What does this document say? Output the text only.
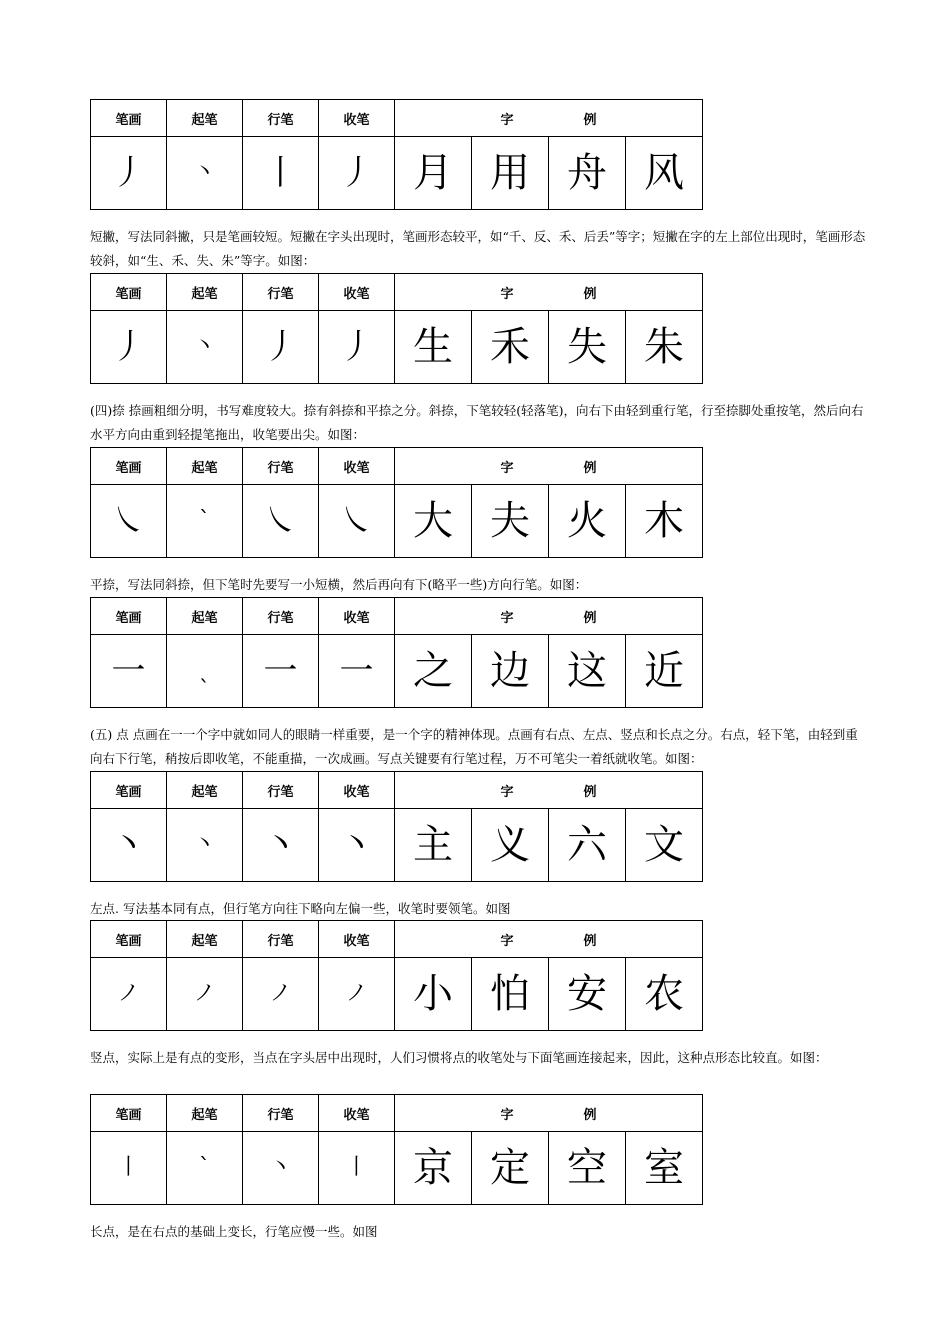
笔画	起笔	行笔	收笔	字 例			

丿	丶	丨	丿	月	用	舟	风

短撇，写法同斜撇，只是笔画较短。短撇在字头出现时，笔画形态较平，如“千、反、禾、后丢”等字；短撇在字的左上部位出现时，笔画形态较斜，如“生、禾、失、朱”等字。如图：

笔画	起笔	行笔	收笔	字 例			

丿	丶	丿	丿	生	禾	失	朱

(四)捺 捺画粗细分明，书写难度较大。捺有斜捺和平捺之分。斜捺，下笔较轻(轻落笔)，向右下由轻到重行笔，行至捺脚处重按笔，然后向右水平方向由重到轻提笔拖出，收笔要出尖。如图：

笔画	起笔	行笔	收笔	字 例			

㇏	ˋ	㇏	㇏	大	夫	火	木

平捺，写法同斜捺，但下笔时先要写一小短横，然后再向有下(略平一些)方向行笔。如图：

笔画	起笔	行笔	收笔	字 例			

一	ˎ	一	一	之	边	这	近

(五) 点 点画在一一个字中就如同人的眼睛一样重要，是一个字的精神体现。点画有右点、左点、竖点和长点之分。右点，轻下笔，由轻到重向右下行笔，稍按后即收笔，不能重描，一次成画。写点关键要有行笔过程，万不可笔尖一着纸就收笔。如图：

笔画	起笔	行笔	收笔	字 例			

丶	丶	丶	丶	主	义	六	文

左点. 写法基本同有点，但行笔方向往下略向左偏一些，收笔时要领笔。如图

笔画	起笔	行笔	收笔	字 例			

ノ	ノ	ノ	ノ	小	怕	安	农

竖点，实际上是有点的变形，当点在字头居中出现时，人们习惯将点的收笔处与下面笔画连接起来，因此，这种点形态比较直。如图：

笔画	起笔	行笔	收笔	字 例			

丨	ˋ	丶	丨	京	定	空	室

长点，是在右点的基础上变长，行笔应慢一些。如图
